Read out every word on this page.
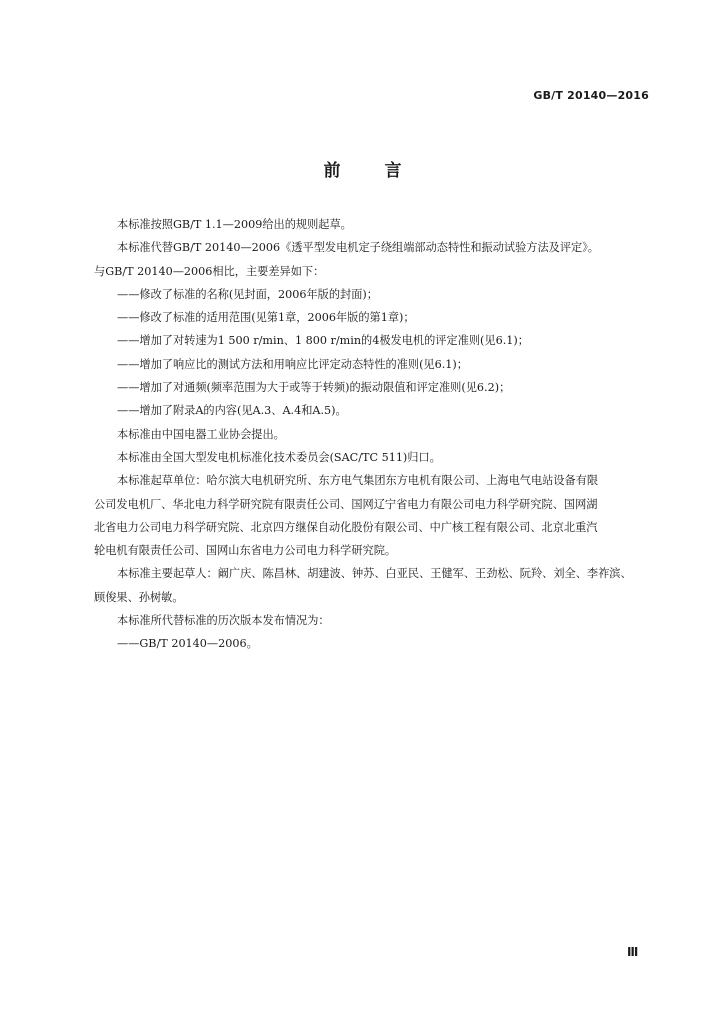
GB/T 20140—2016
前言
本标准按照GB/T 1.1—2009给出的规则起草。
本标准代替GB/T 20140—2006《透平型发电机定子绕组端部动态特性和振动试验方法及评定》。
与GB/T 20140—2006相比，主要差异如下：
——修改了标准的名称(见封面，2006年版的封面)；
——修改了标准的适用范围(见第1章，2006年版的第1章)；
——增加了对转速为1 500 r/min、1 800 r/min的4极发电机的评定准则(见6.1)；
——增加了响应比的测试方法和用响应比评定动态特性的准则(见6.1)；
——增加了对通频(频率范围为大于或等于转频)的振动限值和评定准则(见6.2)；
——增加了附录A的内容(见A.3、A.4和A.5)。
本标准由中国电器工业协会提出。
本标准由全国大型发电机标准化技术委员会(SAC/TC 511)归口。
本标准起草单位：哈尔滨大电机研究所、东方电气集团东方电机有限公司、上海电气电站设备有限
公司发电机厂、华北电力科学研究院有限责任公司、国网辽宁省电力有限公司电力科学研究院、国网湖
北省电力公司电力科学研究院、北京四方继保自动化股份有限公司、中广核工程有限公司、北京北重汽
轮电机有限责任公司、国网山东省电力公司电力科学研究院。
本标准主要起草人：阚广庆、陈昌林、胡建波、钟苏、白亚民、王健军、王劲松、阮羚、刘全、李祚滨、
顾俊果、孙树敏。
本标准所代替标准的历次版本发布情况为：
——GB/T 20140—2006。
Ⅲ
